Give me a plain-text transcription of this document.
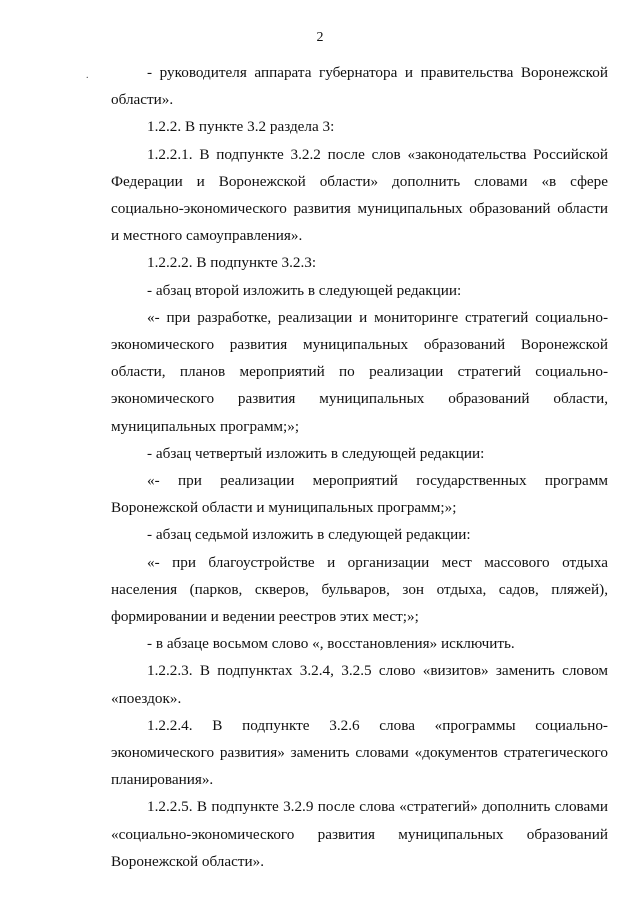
2
.	- руководителя аппарата губернатора и правительства Воронежской области».

1.2.2. В пункте 3.2 раздела 3:

1.2.2.1. В подпункте 3.2.2 после слов «законодательства Российской Федерации и Воронежской области» дополнить словами «в сфере социально-экономического развития муниципальных образований области и местного самоуправления».

1.2.2.2. В подпункте 3.2.3:

- абзац второй изложить в следующей редакции:

«- при разработке, реализации и мониторинге стратегий социально-экономического развития муниципальных образований Воронежской области, планов мероприятий по реализации стратегий социально-экономического развития муниципальных образований области, муниципальных программ;»;

- абзац четвертый изложить в следующей редакции:

«- при реализации мероприятий государственных программ Воронежской области и муниципальных программ;»;

- абзац седьмой изложить в следующей редакции:

«- при благоустройстве и организации мест массового отдыха населения (парков, скверов, бульваров, зон отдыха, садов, пляжей), формировании и ведении реестров этих мест;»;

- в абзаце восьмом слово «, восстановления» исключить.

1.2.2.3. В подпунктах 3.2.4, 3.2.5 слово «визитов» заменить словом «поездок».

1.2.2.4. В подпункте 3.2.6 слова «программы социально-экономического развития» заменить словами «документов стратегического планирования».

1.2.2.5. В подпункте 3.2.9 после слова «стратегий» дополнить словами «социально-экономического развития муниципальных образований Воронежской области».
